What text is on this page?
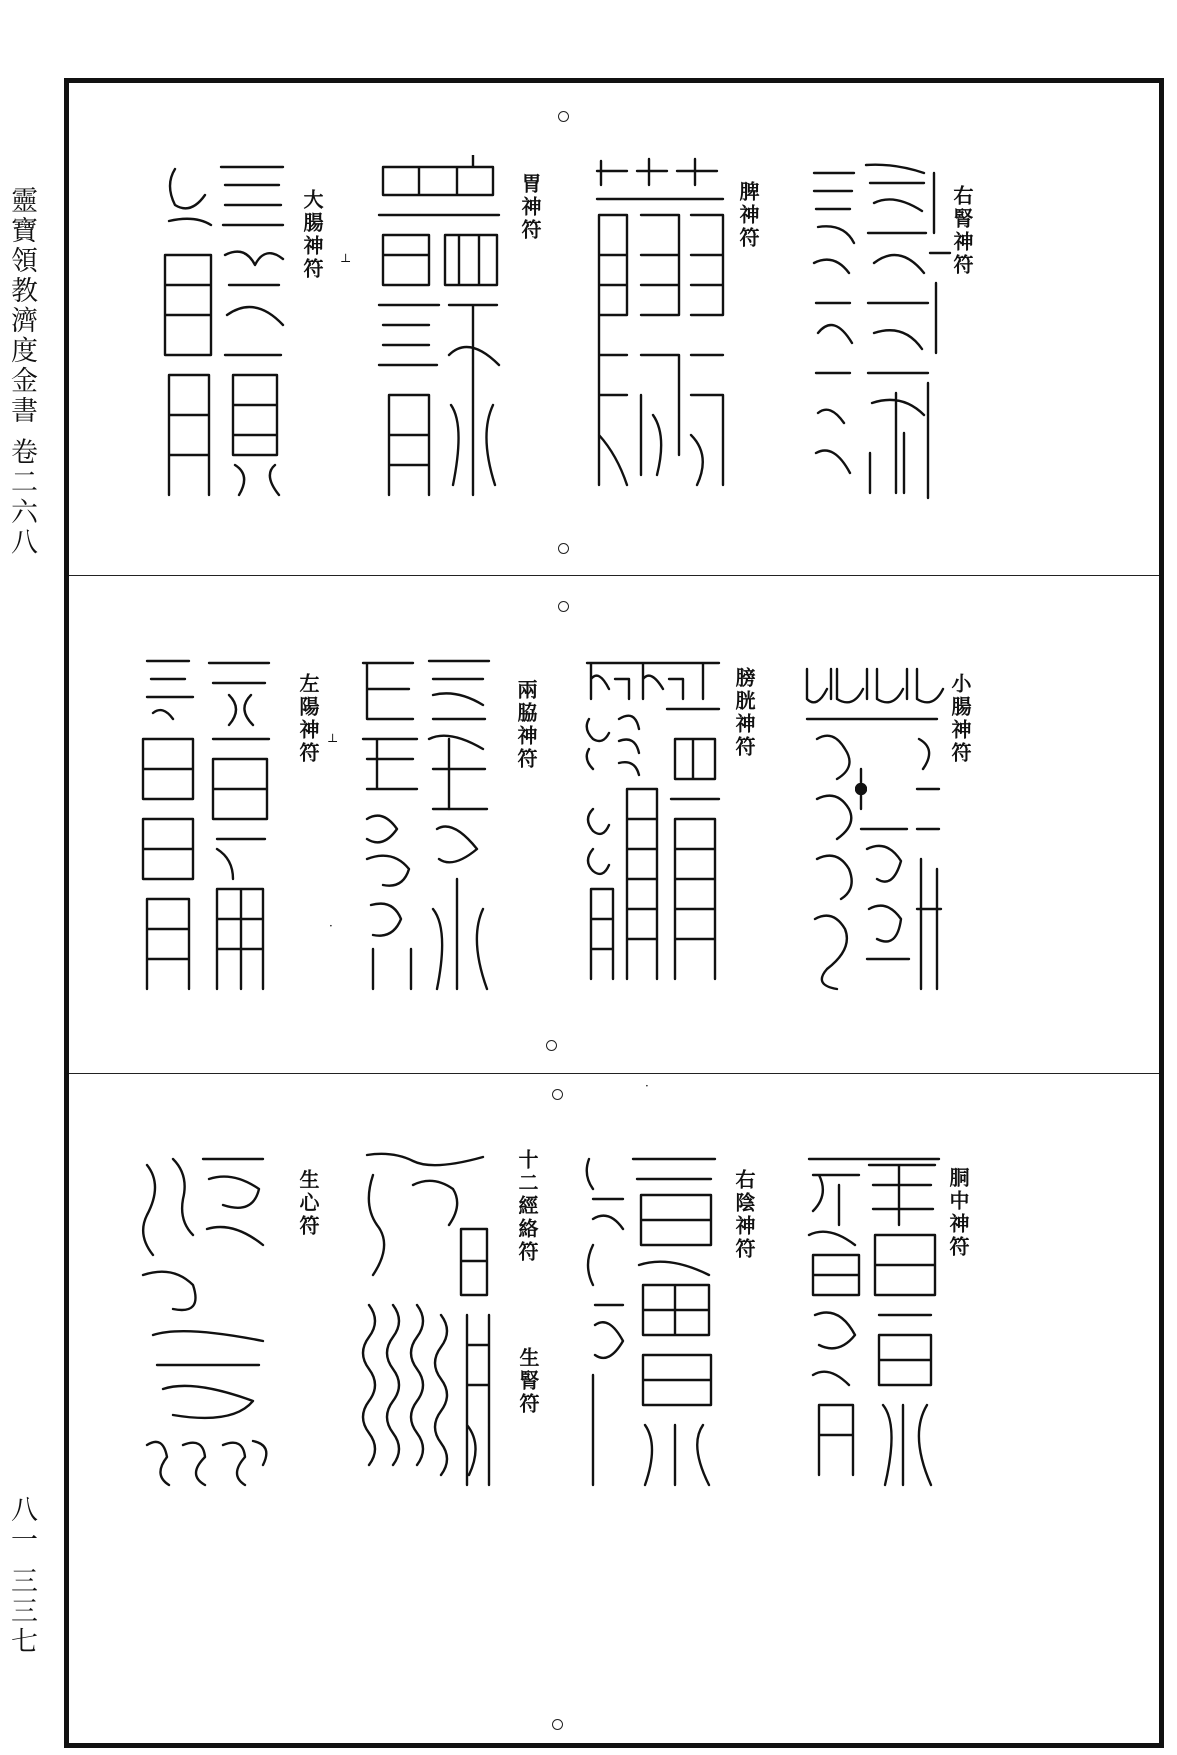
靈寶領教濟度金書 卷二六八
八一 三三七
右腎神符
脾神符
胃神符
大腸神符 ⊥
小腸神符
膀胱神符
兩脇神符
左陽神符 ⊥
·
胴中神符
右陰神符
十二經絡符
生腎符
生心符
·
